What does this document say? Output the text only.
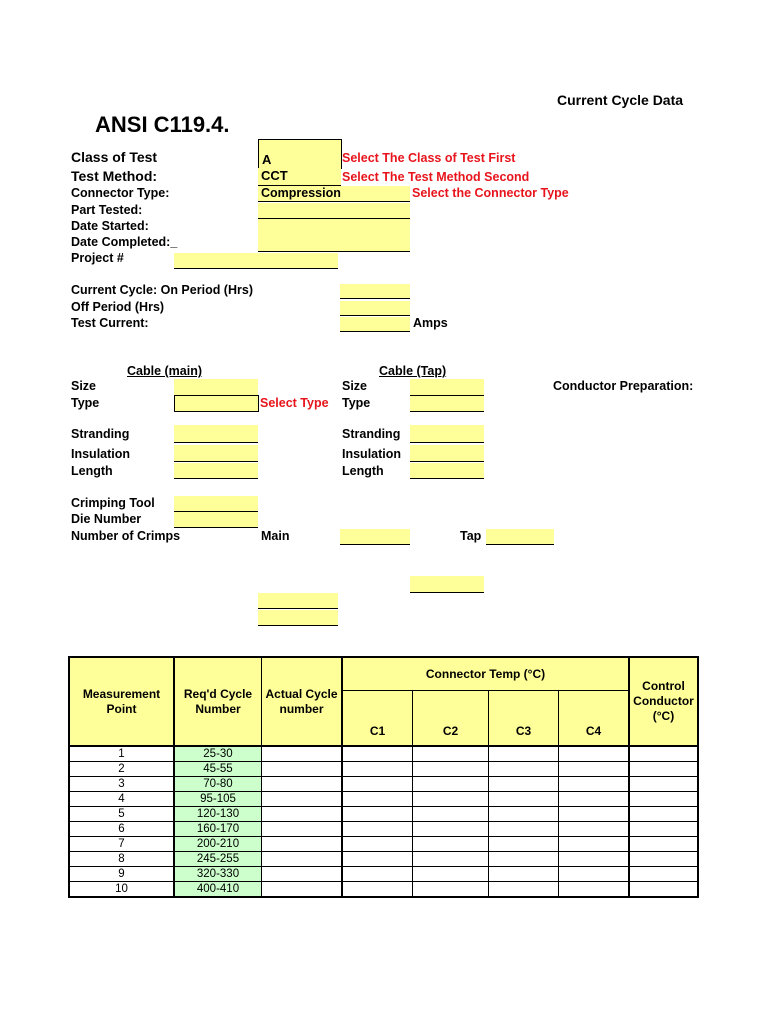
Current Cycle Data
ANSI C119.4.
Class of Test	A	Select The Class of Test First
Test Method:	CCT	Select The Test Method Second
Connector Type:	Compression	Select the Connector Type
Part Tested:
Date Started:
Date Completed:_
Project #
Current Cycle: On Period (Hrs)
Off Period (Hrs)
Test Current:	Amps
Cable (main)	Cable (Tap)
Size
Type	Select Type
Size
Type
Conductor Preparation:
Stranding
Insulation
Length
Stranding
Insulation
Length
Crimping Tool
Die Number
Number of Crimps	Main	Tap
Measurement Point	Req'd Cycle Number	Actual Cycle number	Connector Temp (°C)				Control Conductor (°C)
			C1	C2	C3	C4	
1	25-30						
2	45-55						
3	70-80						
4	95-105						
5	120-130						
6	160-170						
7	200-210						
8	245-255						
9	320-330						
10	400-410						
